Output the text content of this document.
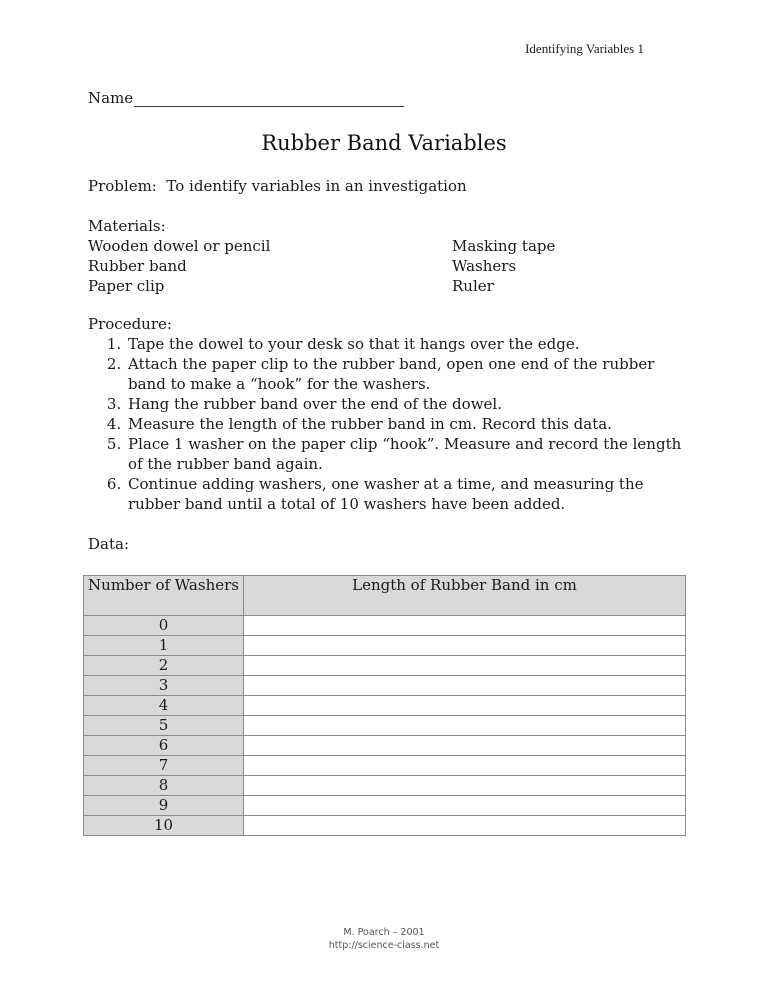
Identifying Variables 1
Name
Rubber Band Variables
Problem: To identify variables in an investigation
Materials:
Wooden dowel or pencil
Rubber band
Paper clip
Masking tape
Washers
Ruler
Procedure:
1. Tape the dowel to your desk so that it hangs over the edge.
2. Attach the paper clip to the rubber band, open one end of the rubber band to make a “hook” for the washers.
3. Hang the rubber band over the end of the dowel.
4. Measure the length of the rubber band in cm. Record this data.
5. Place 1 washer on the paper clip “hook”. Measure and record the length of the rubber band again.
6. Continue adding washers, one washer at a time, and measuring the rubber band until a total of 10 washers have been added.
Data:
Number of Washers	Length of Rubber Band in cm
0	
1	
2	
3	
4	
5	
6	
7	
8	
9	
10	
M. Poarch – 2001
http://science-class.net
